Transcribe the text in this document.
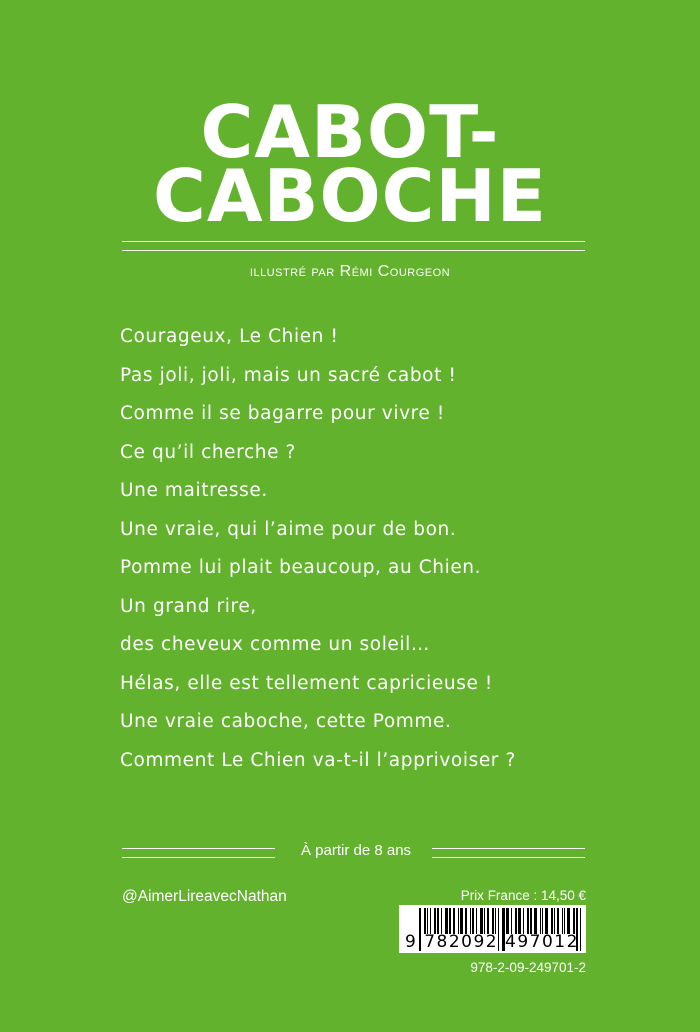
CABOT-
CABOCHE
illustré par Rémi Courgeon
Courageux, Le Chien !
Pas joli, joli, mais un sacré cabot !
Comme il se bagarre pour vivre !
Ce qu’il cherche ?
Une maitresse.
Une vraie, qui l’aime pour de bon.
Pomme lui plait beaucoup, au Chien.
Un grand rire,
des cheveux comme un soleil…
Hélas, elle est tellement capricieuse !
Une vraie caboche, cette Pomme.
Comment Le Chien va-t-il l’apprivoiser ?
À partir de 8 ans
@AimerLireavecNathan	Prix France : 14,50 €
9 782092 497012
978-2-09-249701-2
